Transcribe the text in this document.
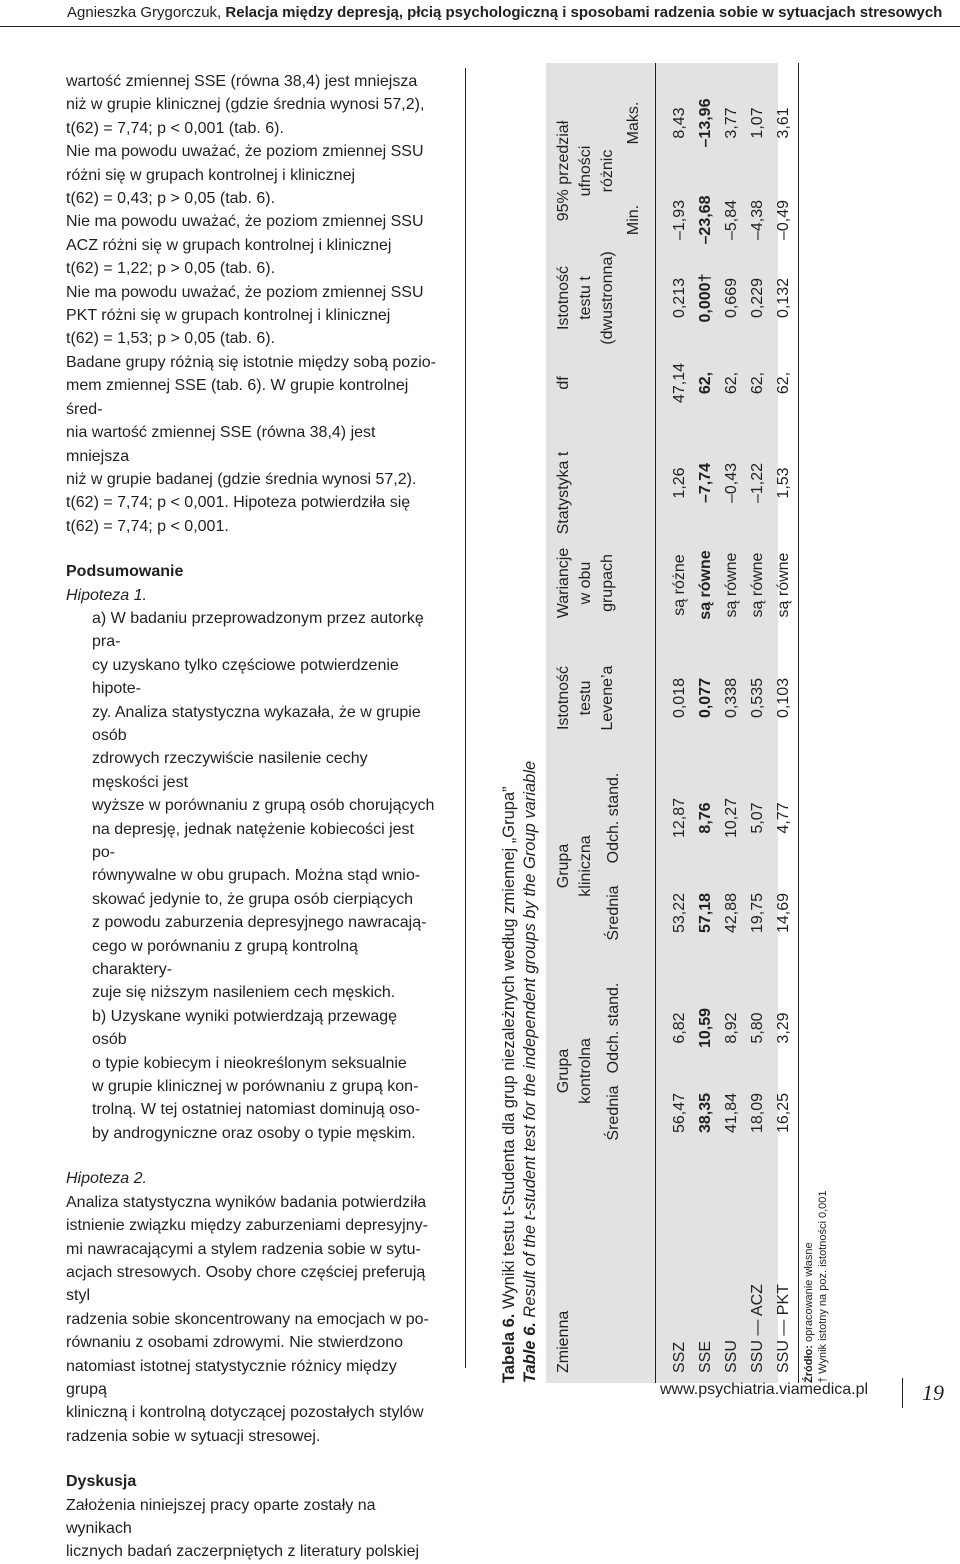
Agnieszka Grygorczuk, Relacja między depresją, płcią psychologiczną i sposobami radzenia sobie w sytuacjach stresowych

wartość zmiennej SSE (równa 38,4) jest mniejsza

niż w grupie klinicznej (gdzie średnia wynosi 57,2),

t(62) = 7,74; p < 0,001 (tab. 6).

Nie ma powodu uważać, że poziom zmiennej SSU

różni się w grupach kontrolnej i klinicznej

t(62) = 0,43; p > 0,05 (tab. 6).

Nie ma powodu uważać, że poziom zmiennej SSU

ACZ różni się w grupach kontrolnej i klinicznej

t(62) = 1,22; p > 0,05 (tab. 6).

Nie ma powodu uważać, że poziom zmiennej SSU

PKT różni się w grupach kontrolnej i klinicznej

t(62) = 1,53; p > 0,05 (tab. 6).

Badane grupy różnią się istotnie między sobą pozio-

mem zmiennej SSE (tab. 6). W grupie kontrolnej śred-

nia wartość zmiennej SSE (równa 38,4) jest mniejsza

niż w grupie badanej (gdzie średnia wynosi 57,2).

t(62) = 7,74; p < 0,001. Hipoteza potwierdziła się

t(62) = 7,74; p < 0,001.

Podsumowanie

Hipoteza 1.

a) W badaniu przeprowadzonym przez autorkę pra-

cy uzyskano tylko częściowe potwierdzenie hipote-

zy. Analiza statystyczna wykazała, że w grupie osób

zdrowych rzeczywiście nasilenie cechy męskości jest

wyższe w porównaniu z grupą osób chorujących

na depresję, jednak natężenie kobiecości jest po-

równywalne w obu grupach. Można stąd wnio-

skować jedynie to, że grupa osób cierpiących

z powodu zaburzenia depresyjnego nawracają-

cego w porównaniu z grupą kontrolną charaktery-

zuje się niższym nasileniem cech męskich.

b) Uzyskane wyniki potwierdzają przewagę osób

o typie kobiecym i nieokreślonym seksualnie

w grupie klinicznej w porównaniu z grupą kon-

trolną. W tej ostatniej natomiast dominują oso-

by androgyniczne oraz osoby o typie męskim.

Hipoteza 2.

Analiza statystyczna wyników badania potwierdziła

istnienie związku między zaburzeniami depresyjny-

mi nawracającymi a stylem radzenia sobie w sytu-

acjach stresowych. Osoby chore częściej preferują styl

radzenia sobie skoncentrowany na emocjach w po-

równaniu z osobami zdrowymi. Nie stwierdzono

natomiast istotnej statystycznie różnicy między grupą

kliniczną i kontrolną dotyczącej pozostałych stylów

radzenia sobie w sytuacji stresowej.

Dyskusja

Założenia niniejszej pracy oparte zostały na wynikach

licznych badań zaczerpniętych z literatury polskiej

Tabela 6. Wyniki testu t-Studenta dla grup niezależnych według zmiennej „Grupa”
Table 6. Result of the t-student test for the independent groups by the Group variable
Zmienna
Grupa kontrolna
Grupa kliniczna
Istotność testu Levene’a
Wariancje w obu grupach
Statystyka t
df
Istotność testu t (dwustronna)
95% przedział ufności różnic
Średnia
Odch. stand.
Średnia
Odch. stand.
Min.
Maks.
SSZ
56,47
6,82
53,22
12,87
0,018
są różne
1,26
47,14
0,213
–1,93
8,43
SSE
38,35
10,59
57,18
8,76
0,077
są równe
–7,74
62,
0,000†
–23,68
–13,96
SSU
41,84
8,92
42,88
10,27
0,338
są równe
–0,43
62,
0,669
–5,84
3,77
SSU — ACZ
18,09
5,80
19,75
5,07
0,535
są równe
–1,22
62,
0,229
–4,38
1,07
SSU — PKT
16,25
3,29
14,69
4,77
0,103
są równe
1,53
62,
0,132
–0,49
3,61
Źródło: opracowanie własne † Wynik istotny na poz. istotności 0,001
www.psychiatria.viamedica.pl 19
